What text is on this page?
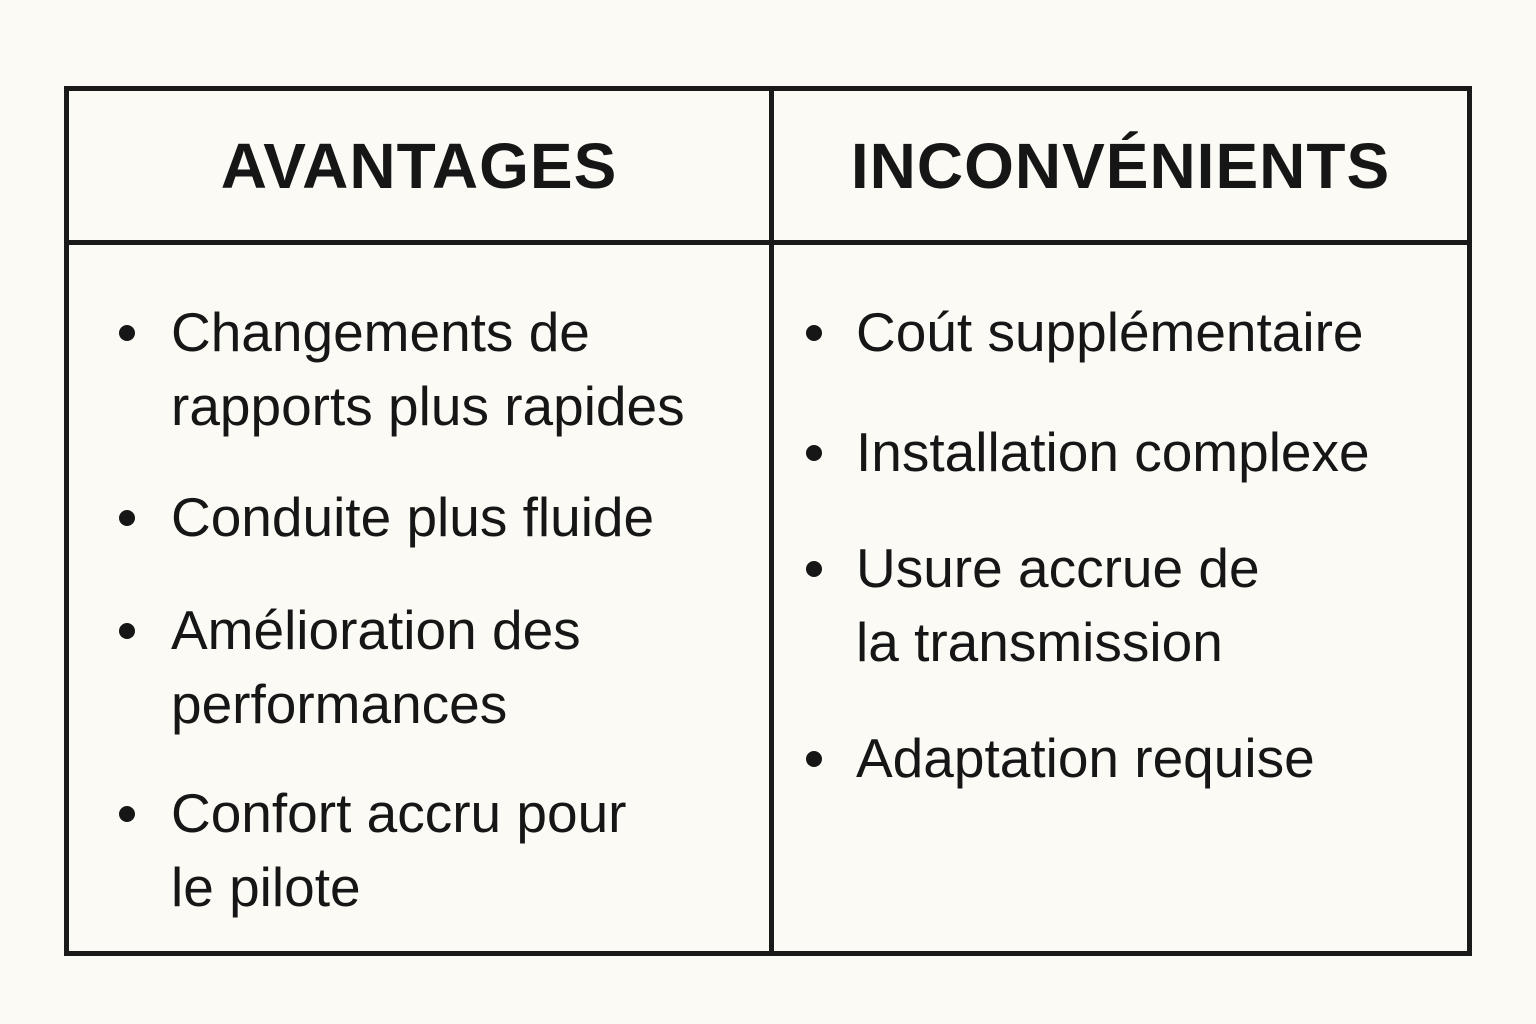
AVANTAGES	INCONVÉNIENTS
Changements de
rapports plus rapides
Conduite plus fluide
Amélioration des
performances
Confort accru pour
le pilote
Coút supplémentaire
Installation complexe
Usure accrue de
la transmission
Adaptation requise
